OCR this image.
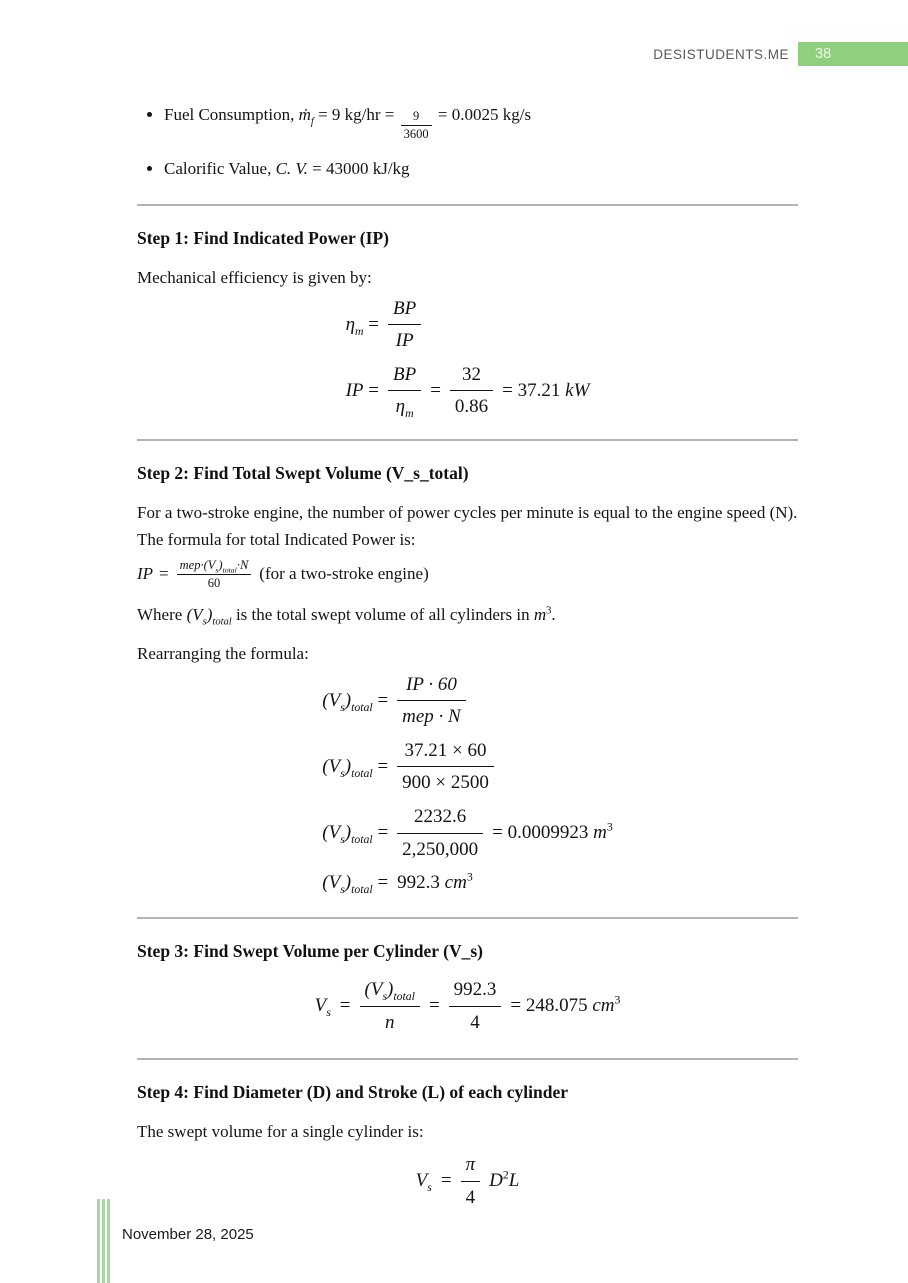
DESISTUDENTS.ME	38
• Fuel Consumption, ṁ$_f$ = 9 $kg/hr = \frac{9}{3600} = 0.0025$ kg/s
• Calorific Value, C. V. = 43000 kJ/kg
Step 1: Find Indicated Power (IP)

Mechanical efficiency is given by:

$\eta_m = \frac{BP}{IP}$
IP = $\frac{BP}{\eta_m} = \frac{32}{0.86} = 37.21$ kW
Step 2: Find Total Swept Volume (V_s_total)

For a two-stroke engine, the number of power cycles per minute is equal to the engine speed (N).

The formula for total Indicated Power is:

IP = $mep\cdot(V_s)_{total}\cdot N$
60	(for a two-stroke engine)

Where $(V_s)_{total}$ is the total swept volume of all cylinders in $m^3$.

Rearranging the formula:

$(V_s)_{total} = \frac{IP \cdot 60}{\text{mep · N}}$
$(V_s)_{total} = \frac{37.21 \times 60}{900 \times 2500}$
$(V_s)_{total} = \frac{2232.6}{2,250,000} = 0.0009923$ $m^3$
$(V_s)_{total} = 992.3$ $cm^3$
Step 3: Find Swept Volume per Cylinder (V_s)
$V_s = \frac{(V_s)_{total}}{n} = \frac{992.3}{4} = 248.075$ $cm^3$
Step 4: Find Diameter (D) and Stroke (L) of each cylinder

The swept volume for a single cylinder is:

$V_s = \frac{\pi}{4} D^2L$
November 28, 2025
